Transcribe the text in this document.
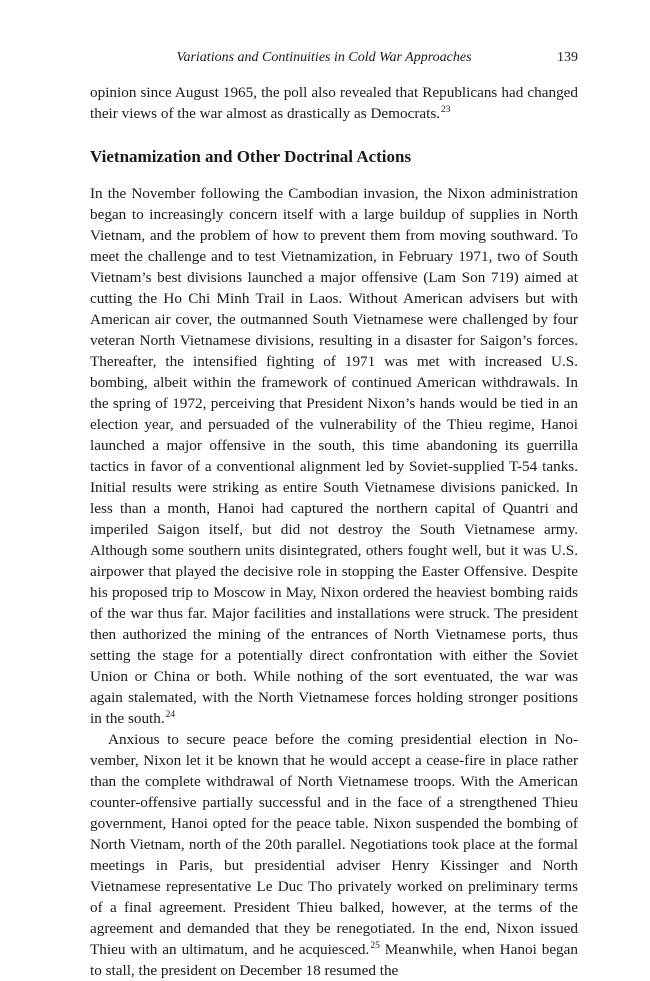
Variations and Continuities in Cold War Approaches	139

opinion since August 1965, the poll also revealed that Republicans had changed their views of the war almost as drastically as Democrats.$^{23}$

Vietnamization and Other Doctrinal Actions

In the November following the Cambodian invasion, the Nixon administration began to increasingly concern itself with a large buildup of supplies in North Vietnam, and the problem of how to prevent them from moving southward. To meet the challenge and to test Vietnamization, in February 1971, two of South Vietnam’s best divisions launched a major offensive (Lam Son 719) aimed at cutting the Ho Chi Minh Trail in Laos. Without American advisers but with American air cover, the outmanned South Vietnamese were challenged by four veteran North Vietnamese divisions, resulting in a disaster for Saigon’s forces. Thereafter, the intensified fighting of 1971 was met with increased U.S. bombing, albeit within the framework of continued American withdrawals. In the spring of 1972, perceiving that President Nixon’s hands would be tied in an election year, and persuaded of the vulnerability of the Thieu regime, Hanoi launched a major offensive in the south, this time abandoning its guerrilla tactics in favor of a conventional alignment led by Soviet-supplied T-54 tanks. Initial results were striking as entire South Vietnamese divisions panicked. In less than a month, Hanoi had captured the northern capital of Quantri and imperiled Saigon itself, but did not destroy the South Vietnamese army. Although some southern units disintegrated, others fought well, but it was U.S. airpower that played the decisive role in stopping the Easter Offensive. Despite his proposed trip to Moscow in May, Nixon ordered the heaviest bombing raids of the war thus far. Major facilities and installations were struck. The president then authorized the mining of the entrances of North Vietnamese ports, thus setting the stage for a potentially direct confrontation with either the Soviet Union or China or both. While nothing of the sort eventuated, the war was again stalemated, with the North Vietnamese forces holding stronger positions in the south.$^{24}$

Anxious to secure peace before the coming presidential election in November, Nixon let it be known that he would accept a cease-fire in place rather than the complete withdrawal of North Vietnamese troops. With the American counter-offensive partially successful and in the face of a strengthened Thieu government, Hanoi opted for the peace table. Nixon suspended the bombing of North Vietnam, north of the 20th parallel. Negotiations took place at the formal meetings in Paris, but presidential adviser Henry Kissinger and North Vietnamese representative Le Duc Tho privately worked on preliminary terms of a final agreement. President Thieu balked, however, at the terms of the agreement and demanded that they be renegotiated. In the end, Nixon issued Thieu with an ultimatum, and he acquiesced.$^{25}$ Meanwhile, when Hanoi began to stall, the president on December 18 resumed the
